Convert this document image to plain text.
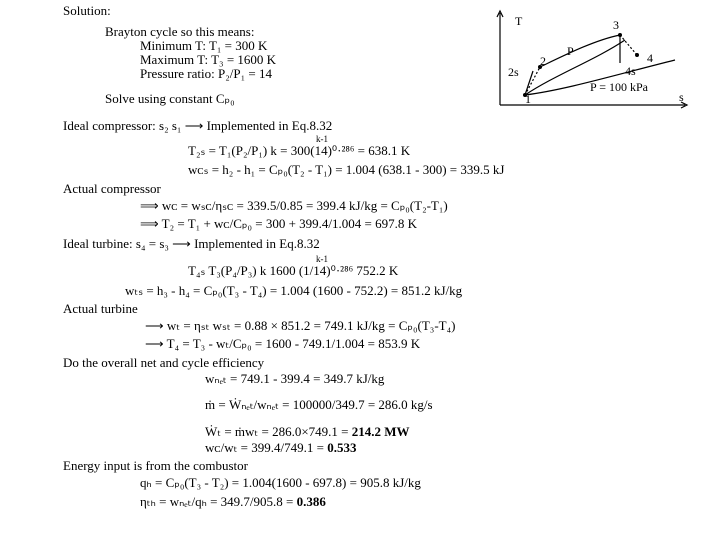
Solution:
Brayton cycle so this means:
Minimum T: T₁ = 300 K
Maximum T: T₃ = 1600 K
Pressure ratio: P₂/P₁ = 14
Solve using constant Cₚ₀
Ideal compressor: s₂ s₁ ⟶ Implemented in Eq.8.32
k-1
T₂ₛ = T₁(P₂/P₁) k = 300(14)⁰·²⁸⁶ = 638.1 K
wᴄₛ = h₂ - h₁ = Cₚ₀(T₂ - T₁) = 1.004 (638.1 - 300) = 339.5 kJ
Actual compressor
⟹ wᴄ = wₛᴄ/ηₛᴄ = 339.5/0.85 = 399.4 kJ/kg = Cₚ₀(T₂-T₁)
⟹ T₂ = T₁ + wᴄ/Cₚ₀ = 300 + 399.4/1.004 = 697.8 K
Ideal turbine: s₄ = s₃ ⟶ Implemented in Eq.8.32
k-1
T₄ₛ T₃(P₄/P₃) k 1600 (1/14)⁰·²⁸⁶ 752.2 K
wₜₛ = h₃ - h₄ = Cₚ₀(T₃ - T₄) = 1.004 (1600 - 752.2) = 851.2 kJ/kg
Actual turbine
⟶ wₜ = ηₛₜ wₛₜ = 0.88 × 851.2 = 749.1 kJ/kg = Cₚ₀(T₃-T₄)
⟶ T₄ = T₃ - wₜ/Cₚ₀ = 1600 - 749.1/1.004 = 853.9 K
Do the overall net and cycle efficiency
wₙₑₜ = 749.1 - 399.4 = 349.7 kJ/kg
ṁ = Ẇₙₑₜ/wₙₑₜ = 100000/349.7 = 286.0 kg/s
Ẇₜ = ṁwₜ = 286.0×749.1 = 214.2 MW
wᴄ/wₜ = 399.4/749.1 = 0.533
Energy input is from the combustor
qₕ = Cₚ₀(T₃ - T₂) = 1.004(1600 - 697.8) = 905.8 kJ/kg
ηₜₕ = wₙₑₜ/qₕ = 349.7/905.8 = 0.386
T
s
3
4
4s
2
2s
1
P
P = 100 kPa
